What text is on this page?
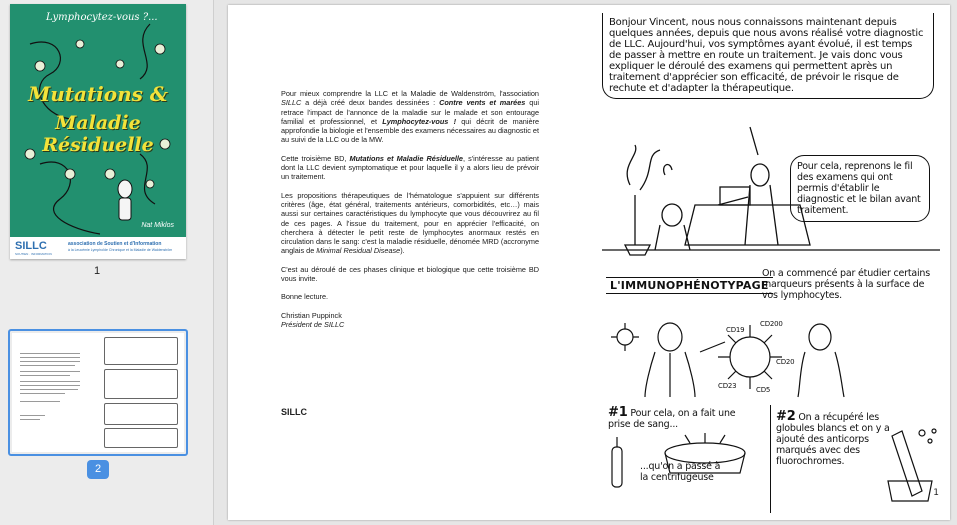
Lymphocytez-vous ?...
Mutations &
Maladie Résiduelle
Nat Miklos
SILLC
SOUTIEN · INFORMATION
association de Soutien et d'Information
à la Leucémie Lymphoïde Chronique et la Maladie de Waldenström
1
2

Pour mieux comprendre la LLC et la Maladie de Waldenström, l'association SILLC a déjà créé deux bandes dessinées : Contre vents et marées qui retrace l'impact de l'annonce de la maladie sur le malade et son entourage familial et professionnel, et Lymphocytez-vous ! qui décrit de manière approfondie la biologie et l'ensemble des examens nécessaires au diagnostic et au suivi de la LLC ou de la MW.

Cette troisième BD, Mutations et Maladie Résiduelle, s'intéresse au patient dont la LLC devient symptomatique et pour laquelle il y a alors lieu de prévoir un traitement.

Les propositions thérapeutiques de l'hématologue s'appuient sur différents critères (âge, état général, traitements antérieurs, comorbidités, etc…) mais aussi sur certaines caractéristiques du lymphocyte que vous découvrirez au fil de ces pages. A l'issue du traitement, pour en apprécier l'efficacité, on cherchera à détecter le petit reste de lymphocytes anormaux restés en circulation dans le sang: c'est la maladie résiduelle, dénomée MRD (accronyme anglais de Minimal Residual Disease).

C'est au déroulé de ces phases clinique et biologique que cette troisième BD vous invite.

Bonne lecture.

Christian Puppinck

Président de SILLC

SILLC
Bonjour Vincent, nous nous connaissons maintenant depuis quelques années, depuis que nous avons réalisé votre diagnostic de LLC. Aujourd'hui, vos symptômes ayant évolué, il est temps de passer à mettre en route un traitement. Je vais donc vous expliquer le déroulé des examens qui permettent après un traitement d'apprécier son efficacité, de prévoir le risque de rechute et d'adapter la thérapeutique.
Pour cela, reprenons le fil des examens qui ont permis d'établir le diagnostic et le bilan avant traitement.
L'IMMUNOPHÉNOTYPAGE
On a commencé par étudier certains marqueurs présents à la surface de vos lymphocytes.
CD19
CD200
CD20
CD23	CD5
#1 Pour cela, on a fait une prise de sang...
...qu'on a passé à la centrifugeuse
#2 On a récupéré les globules blancs et on y a ajouté des anticorps marqués avec des fluorochromes.
1
